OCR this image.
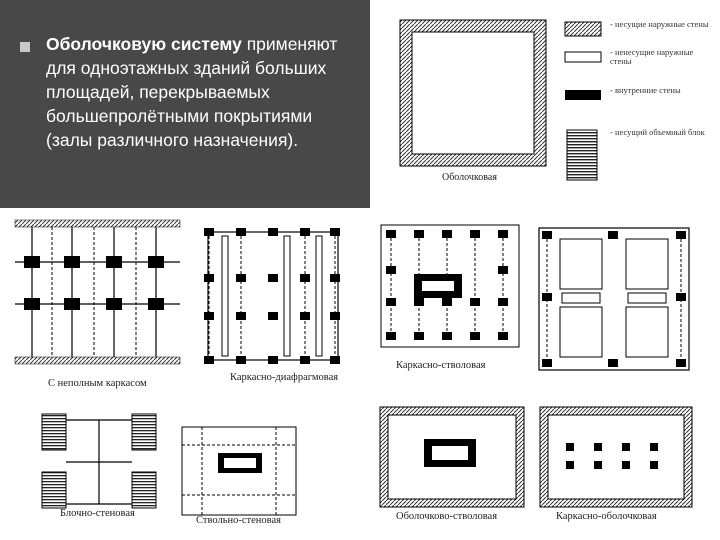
Оболочковую систему применяют для одноэтажных зданий больших площадей, перекрываемых большепролётными покрытиями (залы различного назначения).
Оболочковая
- несущие наружные стены
- ненесущие наружные стены
- внутренние стены
- несущий объемный блок
С неполным каркасом
Каркасно-диафрагмовая
Каркасно-стволовая
Блочно-стеновая
Ствольно-стеновая	Оболочково-стволовая	Каркасно-оболочковая
